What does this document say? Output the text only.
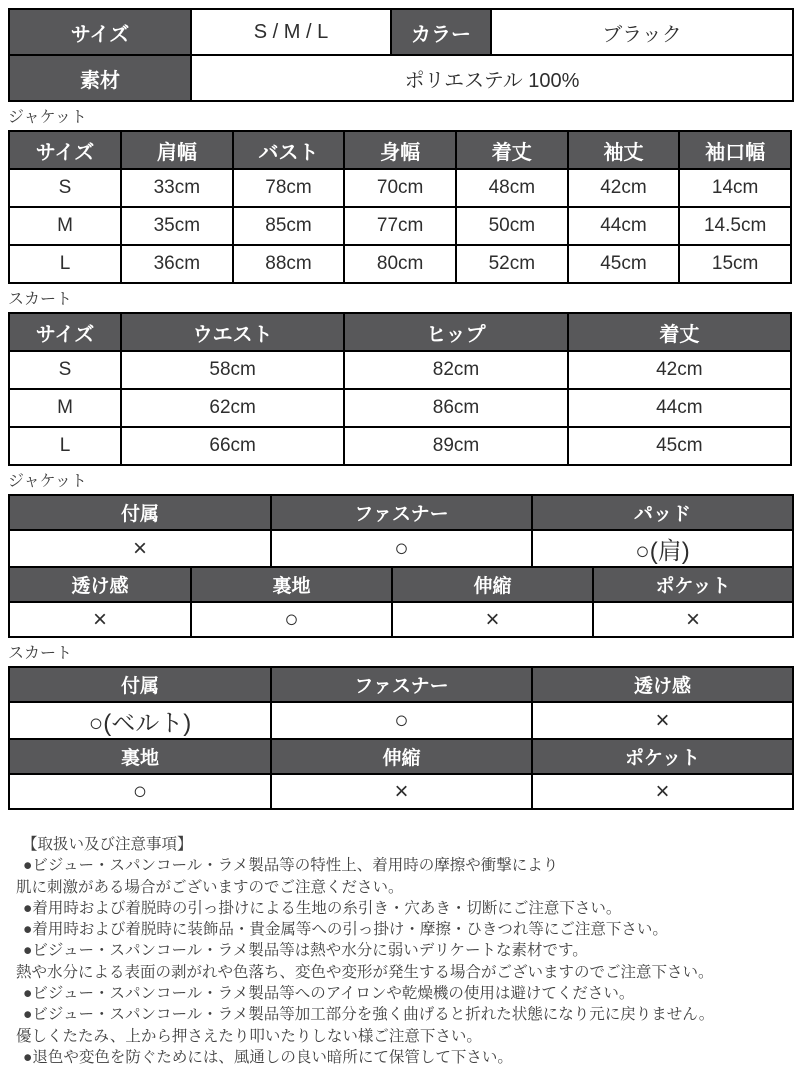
サイズ	S / M / L	カラー	ブラック
素材	ポリエステル 100%		
ジャケット
サイズ	肩幅	バスト	身幅	着丈	袖丈	袖口幅
S	33cm	78cm	70cm	48cm	42cm	14cm
M	35cm	85cm	77cm	50cm	44cm	14.5cm
L	36cm	88cm	80cm	52cm	45cm	15cm
スカート
サイズ	ウエスト	ヒップ	着丈
S	58cm	82cm	42cm
M	62cm	86cm	44cm
L	66cm	89cm	45cm
ジャケット
付属	ファスナー	パッド
×	○	○(肩)
透け感	裏地	伸縮	ポケット
×	○	×	×
スカート
付属	ファスナー	透け感
○(ベルト)	○	×
裏地	伸縮	ポケット
○	×	×
【取扱い及び注意事項】
●ビジュー・スパンコール・ラメ製品等の特性上、着用時の摩擦や衝撃により
肌に刺激がある場合がございますのでご注意ください。
●着用時および着脱時の引っ掛けによる生地の糸引き・穴あき・切断にご注意下さい。
●着用時および着脱時に装飾品・貴金属等への引っ掛け・摩擦・ひきつれ等にご注意下さい。
●ビジュー・スパンコール・ラメ製品等は熱や水分に弱いデリケートな素材です。
熱や水分による表面の剥がれや色落ち、変色や変形が発生する場合がございますのでご注意下さい。
●ビジュー・スパンコール・ラメ製品等へのアイロンや乾燥機の使用は避けてください。
●ビジュー・スパンコール・ラメ製品等加工部分を強く曲げると折れた状態になり元に戻りません。
優しくたたみ、上から押さえたり叩いたりしない様ご注意下さい。
●退色や変色を防ぐためには、風通しの良い暗所にて保管して下さい。
